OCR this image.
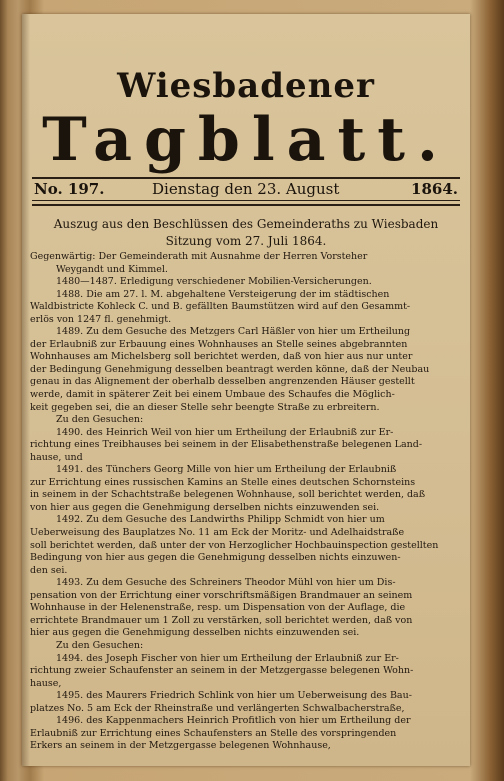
Wiesbadener
Tagblatt.
No. 197.	Dienstag den 23. August	1864.
Auszug aus den Beschlüssen des Gemeinderaths zu Wiesbaden
Sitzung vom 27. Juli 1864.
Gegenwärtig: Der Gemeinderath mit Ausnahme der Herren Vorsteher
Weygandt und Kimmel.
1480—1487. Erledigung verschiedener Mobilien-Versicherungen.
1488. Die am 27. l. M. abgehaltene Versteigerung der im städtischen
Waldbistricte Kohleck C. und B. gefällten Baumstützen wird auf den Gesammt-
erlös von 1247 fl. genehmigt.
1489. Zu dem Gesuche des Metzgers Carl Häßler von hier um Ertheilung
der Erlaubniß zur Erbauung eines Wohnhauses an Stelle seines abgebrannten
Wohnhauses am Michelsberg soll berichtet werden, daß von hier aus nur unter
der Bedingung Genehmigung desselben beantragt werden könne, daß der Neubau
genau in das Alignement der oberhalb desselben angrenzenden Häuser gestellt
werde, damit in späterer Zeit bei einem Umbaue des Schaufes die Möglich-
keit gegeben sei, die an dieser Stelle sehr beengte Straße zu erbreitern.
Zu den Gesuchen:
1490. des Heinrich Weil von hier um Ertheilung der Erlaubniß zur Er-
richtung eines Treibhauses bei seinem in der Elisabethenstraße belegenen Land-
hause, und
1491. des Tünchers Georg Mille von hier um Ertheilung der Erlaubniß
zur Errichtung eines russischen Kamins an Stelle eines deutschen Schornsteins
in seinem in der Schachtstraße belegenen Wohnhause, soll berichtet werden, daß
von hier aus gegen die Genehmigung derselben nichts einzuwenden sei.
1492. Zu dem Gesuche des Landwirths Philipp Schmidt von hier um
Ueberweisung des Bauplatzes No. 11 am Eck der Moritz- und Adelhaidstraße
soll berichtet werden, daß unter der von Herzoglicher Hochbauinspection gestellten
Bedingung von hier aus gegen die Genehmigung desselben nichts einzuwen-
den sei.
1493. Zu dem Gesuche des Schreiners Theodor Mühl von hier um Dis-
pensation von der Errichtung einer vorschriftsmäßigen Brandmauer an seinem
Wohnhause in der Helenenstraße, resp. um Dispensation von der Auflage, die
errichtete Brandmauer um 1 Zoll zu verstärken, soll berichtet werden, daß von
hier aus gegen die Genehmigung desselben nichts einzuwenden sei.
Zu den Gesuchen:
1494. des Joseph Fischer von hier um Ertheilung der Erlaubniß zur Er-
richtung zweier Schaufenster an seinem in der Metzgergasse belegenen Wohn-
hause,
1495. des Maurers Friedrich Schlink von hier um Ueberweisung des Bau-
platzes No. 5 am Eck der Rheinstraße und verlängerten Schwalbacherstraße,
1496. des Kappenmachers Heinrich Profitlich von hier um Ertheilung der
Erlaubniß zur Errichtung eines Schaufensters an Stelle des vorspringenden
Erkers an seinem in der Metzgergasse belegenen Wohnhause,
